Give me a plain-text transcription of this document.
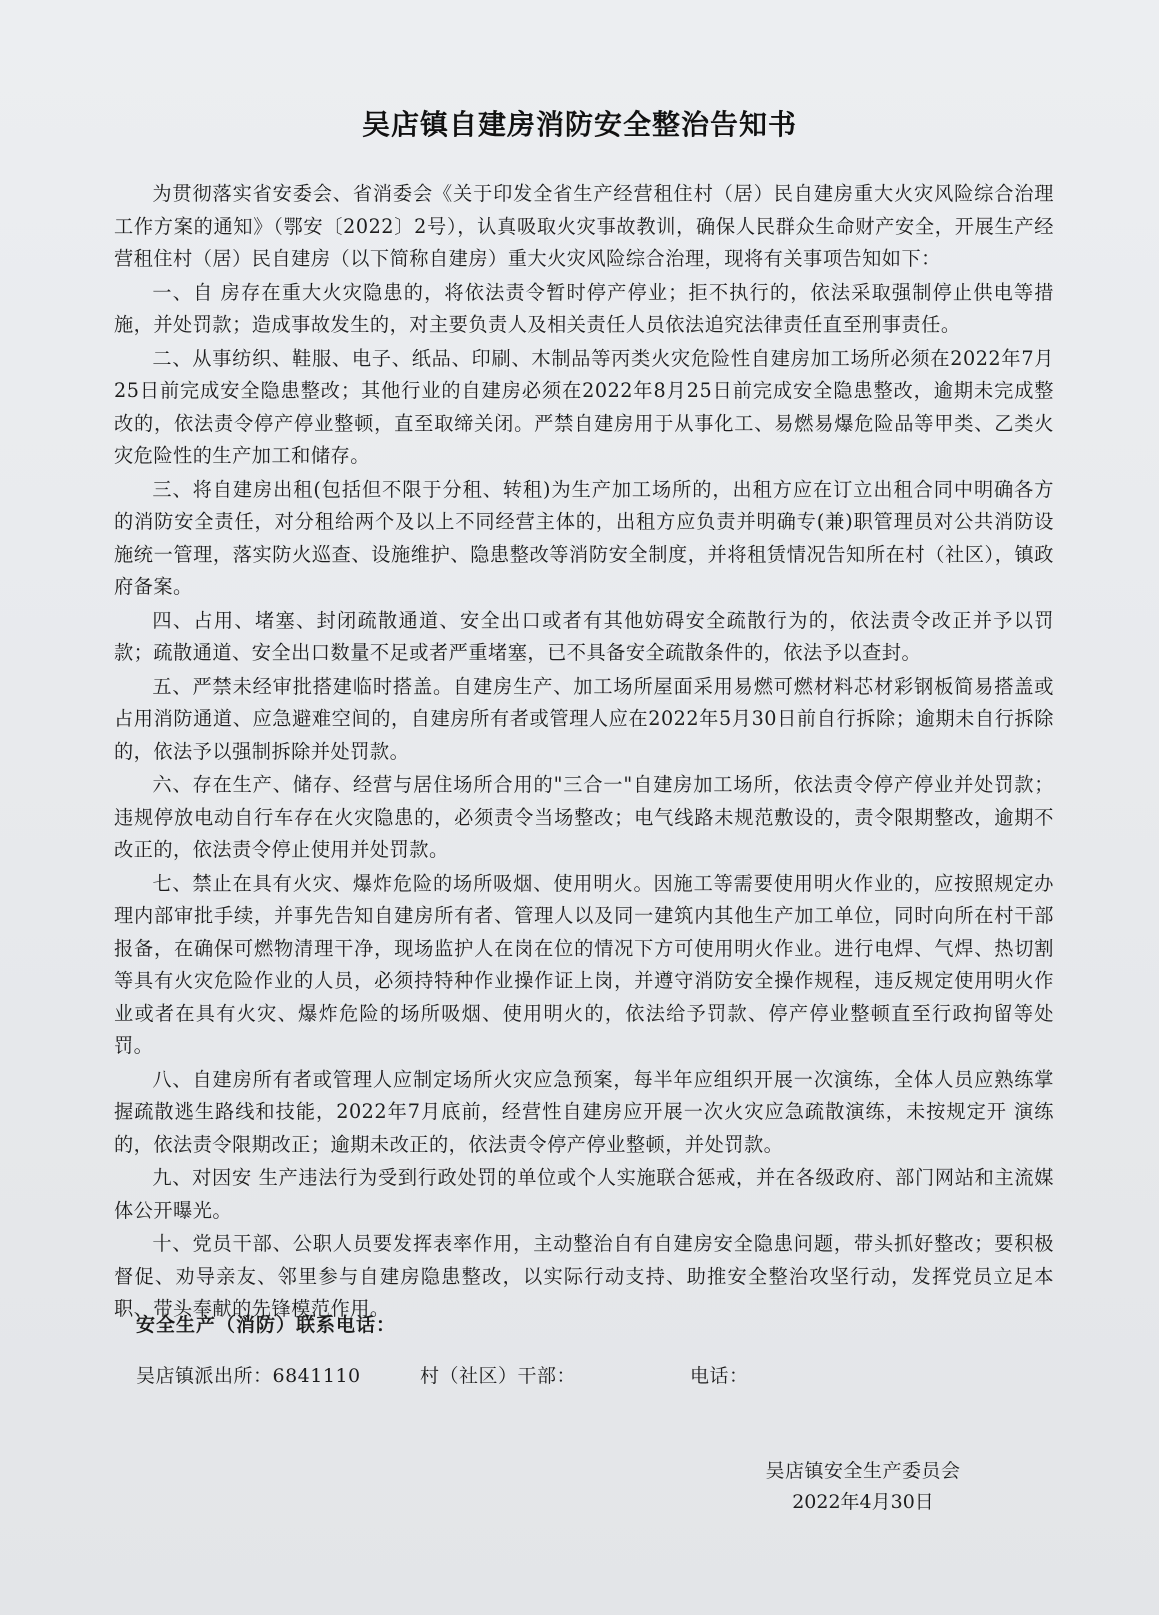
吴店镇自建房消防安全整治告知书

为贯彻落实省安委会、省消委会《关于印发全省生产经营租住村（居）民自建房重大火灾风险综合治理工作方案的通知》（鄂安〔2022〕2号），认真吸取火灾事故教训，确保人民群众生命财产安全，开展生产经营租住村（居）民自建房（以下简称自建房）重大火灾风险综合治理，现将有关事项告知如下：

一、自 房存在重大火灾隐患的，将依法责令暂时停产停业；拒不执行的，依法采取强制停止供电等措施，并处罚款；造成事故发生的，对主要负责人及相关责任人员依法追究法律责任直至刑事责任。

二、从事纺织、鞋服、电子、纸品、印刷、木制品等丙类火灾危险性自建房加工场所必须在2022年7月25日前完成安全隐患整改；其他行业的自建房必须在2022年8月25日前完成安全隐患整改，逾期未完成整改的，依法责令停产停业整顿，直至取缔关闭。严禁自建房用于从事化工、易燃易爆危险品等甲类、乙类火灾危险性的生产加工和储存。

三、将自建房出租(包括但不限于分租、转租)为生产加工场所的，出租方应在订立出租合同中明确各方的消防安全责任，对分租给两个及以上不同经营主体的，出租方应负责并明确专(兼)职管理员对公共消防设施统一管理，落实防火巡查、设施维护、隐患整改等消防安全制度，并将租赁情况告知所在村（社区），镇政府备案。

四、占用、堵塞、封闭疏散通道、安全出口或者有其他妨碍安全疏散行为的，依法责令改正并予以罚款；疏散通道、安全出口数量不足或者严重堵塞，已不具备安全疏散条件的，依法予以查封。

五、严禁未经审批搭建临时搭盖。自建房生产、加工场所屋面采用易燃可燃材料芯材彩钢板简易搭盖或占用消防通道、应急避难空间的，自建房所有者或管理人应在2022年5月30日前自行拆除；逾期未自行拆除的，依法予以强制拆除并处罚款。

六、存在生产、储存、经营与居住场所合用的"三合一"自建房加工场所，依法责令停产停业并处罚款；违规停放电动自行车存在火灾隐患的，必须责令当场整改；电气线路未规范敷设的，责令限期整改，逾期不改正的，依法责令停止使用并处罚款。

七、禁止在具有火灾、爆炸危险的场所吸烟、使用明火。因施工等需要使用明火作业的，应按照规定办理内部审批手续，并事先告知自建房所有者、管理人以及同一建筑内其他生产加工单位，同时向所在村干部报备，在确保可燃物清理干净，现场监护人在岗在位的情况下方可使用明火作业。进行电焊、气焊、热切割等具有火灾危险作业的人员，必须持特种作业操作证上岗，并遵守消防安全操作规程，违反规定使用明火作业或者在具有火灾、爆炸危险的场所吸烟、使用明火的，依法给予罚款、停产停业整顿直至行政拘留等处罚。

八、自建房所有者或管理人应制定场所火灾应急预案，每半年应组织开展一次演练，全体人员应熟练掌握疏散逃生路线和技能，2022年7月底前，经营性自建房应开展一次火灾应急疏散演练，未按规定开 演练的，依法责令限期改正；逾期未改正的，依法责令停产停业整顿，并处罚款。

九、对因安 生产违法行为受到行政处罚的单位或个人实施联合惩戒，并在各级政府、部门网站和主流媒体公开曝光。

十、党员干部、公职人员要发挥表率作用，主动整治自有自建房安全隐患问题，带头抓好整改；要积极督促、劝导亲友、邻里参与自建房隐患整改，以实际行动支持、助推安全整治攻坚行动，发挥党员立足本职、带头奉献的先锋模范作用。

安全生产（消防）联系电话：
吴店镇派出所：6841110	村（社区）干部：	电话：
吴店镇安全生产委员会
2022年4月30日
